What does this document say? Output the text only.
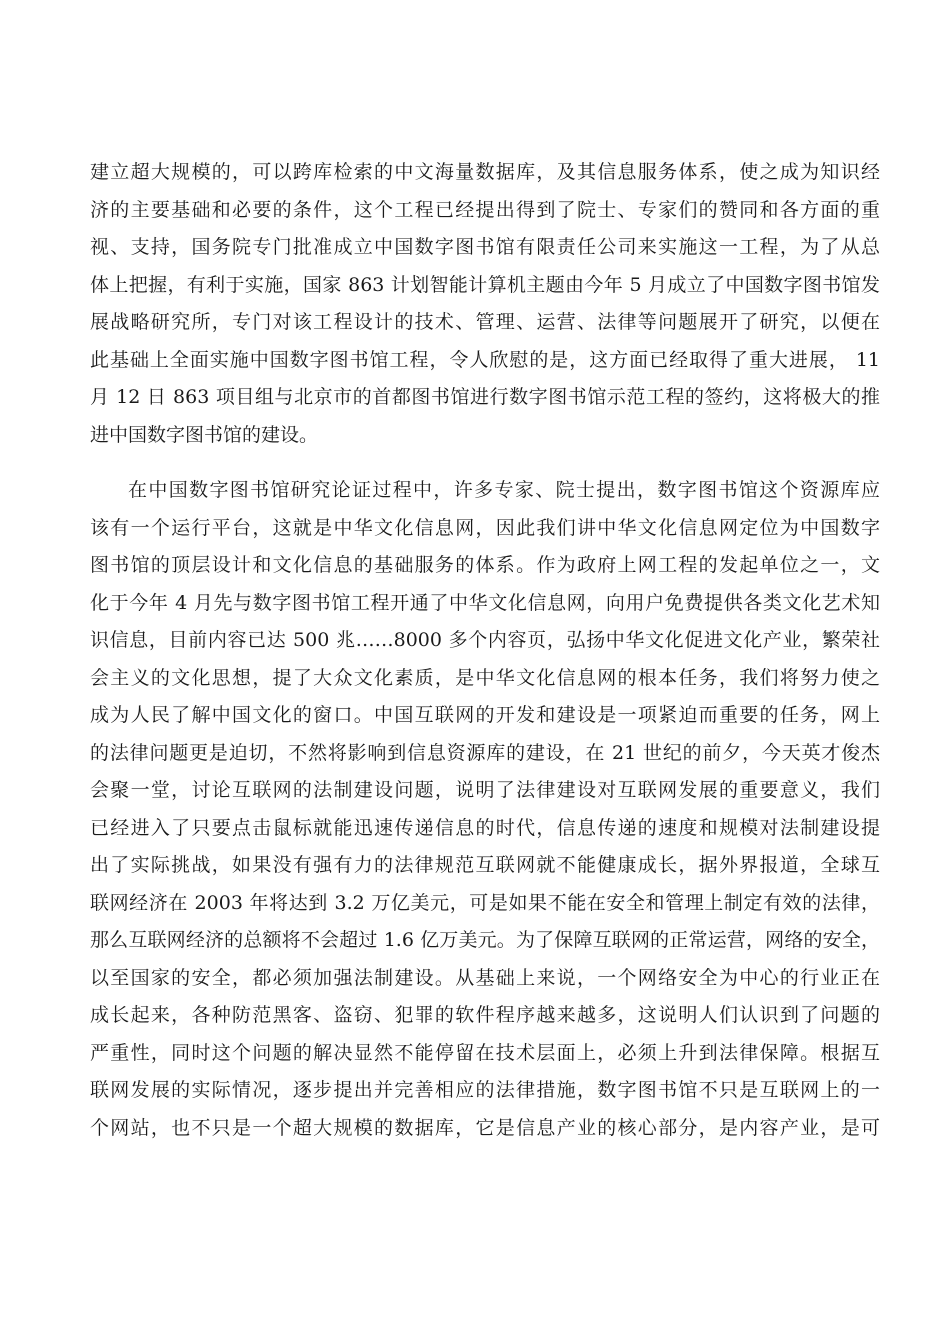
建立超大规模的，可以跨库检索的中文海量数据库，及其信息服务体系，使之成为知识经
济的主要基础和必要的条件，这个工程已经提出得到了院士、专家们的赞同和各方面的重
视、支持，国务院专门批准成立中国数字图书馆有限责任公司来实施这一工程，为了从总
体上把握，有利于实施，国家 863 计划智能计算机主题由今年 5 月成立了中国数字图书馆发
展战略研究所，专门对该工程设计的技术、管理、运营、法律等问题展开了研究，以便在
此基础上全面实施中国数字图书馆工程，令人欣慰的是，这方面已经取得了重大进展， 11
月 12 日 863 项目组与北京市的首都图书馆进行数字图书馆示范工程的签约，这将极大的推
进中国数字图书馆的建设。
在中国数字图书馆研究论证过程中，许多专家、院士提出，数字图书馆这个资源库应
该有一个运行平台，这就是中华文化信息网，因此我们讲中华文化信息网定位为中国数字
图书馆的顶层设计和文化信息的基础服务的体系。作为政府上网工程的发起单位之一，文
化于今年 4 月先与数字图书馆工程开通了中华文化信息网，向用户免费提供各类文化艺术知
识信息，目前内容已达 500 兆……8000 多个内容页，弘扬中华文化促进文化产业，繁荣社
会主义的文化思想，提了大众文化素质，是中华文化信息网的根本任务，我们将努力使之
成为人民了解中国文化的窗口。中国互联网的开发和建设是一项紧迫而重要的任务，网上
的法律问题更是迫切，不然将影响到信息资源库的建设，在 21 世纪的前夕，今天英才俊杰
会聚一堂，讨论互联网的法制建设问题，说明了法律建设对互联网发展的重要意义，我们
已经进入了只要点击鼠标就能迅速传递信息的时代，信息传递的速度和规模对法制建设提
出了实际挑战，如果没有强有力的法律规范互联网就不能健康成长，据外界报道，全球互
联网经济在 2003 年将达到 3.2 万亿美元，可是如果不能在安全和管理上制定有效的法律，
那么互联网经济的总额将不会超过 1.6 亿万美元。为了保障互联网的正常运营，网络的安全，
以至国家的安全，都必须加强法制建设。从基础上来说，一个网络安全为中心的行业正在
成长起来，各种防范黑客、盗窃、犯罪的软件程序越来越多，这说明人们认识到了问题的
严重性，同时这个问题的解决显然不能停留在技术层面上，必须上升到法律保障。根据互
联网发展的实际情况，逐步提出并完善相应的法律措施，数字图书馆不只是互联网上的一
个网站，也不只是一个超大规模的数据库，它是信息产业的核心部分，是内容产业，是可
